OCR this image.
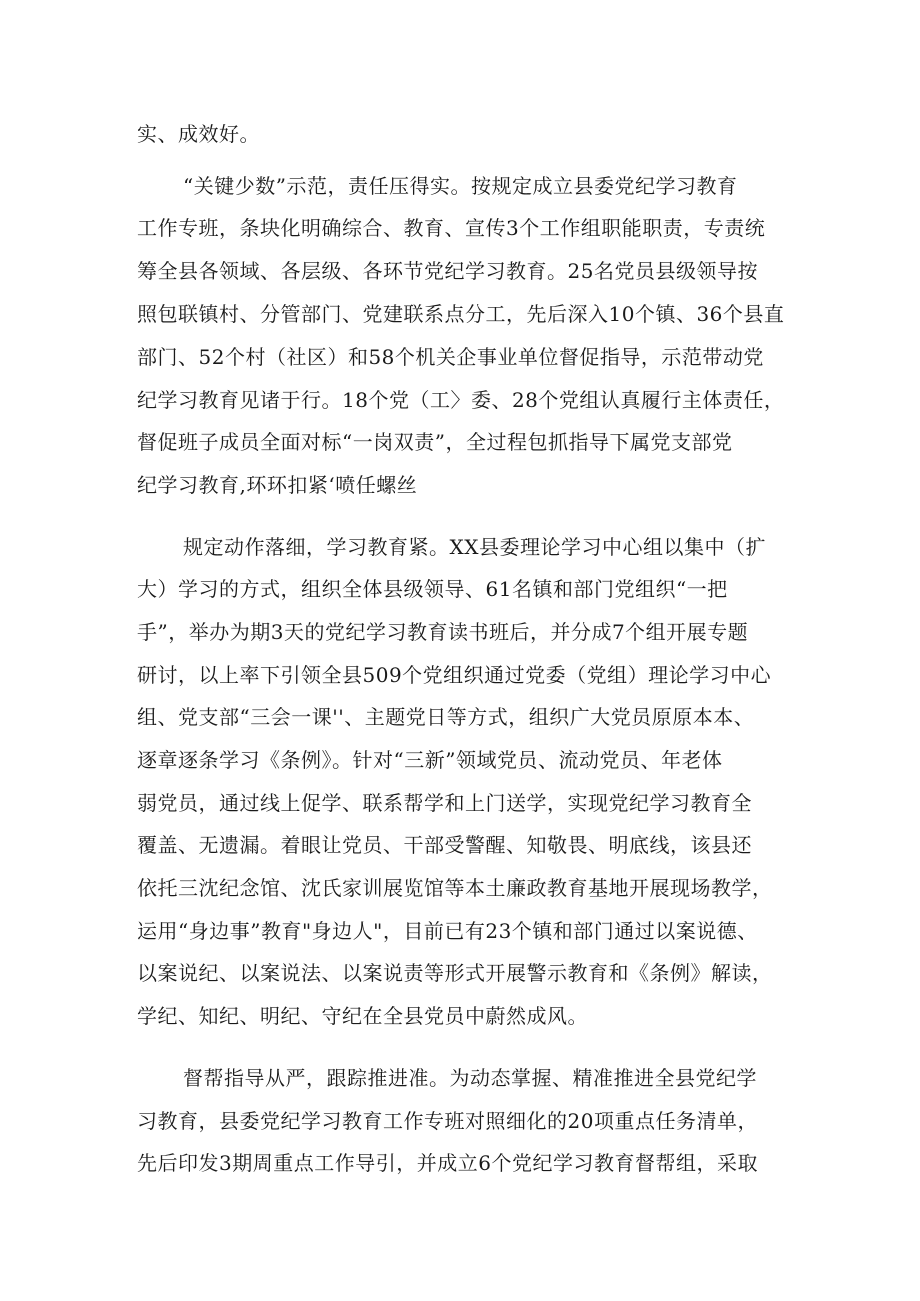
实、成效好。
“关键少数”示范，责任压得实。按规定成立县委党纪学习教育
工作专班，条块化明确综合、教育、宣传3个工作组职能职责，专责统
筹全县各领域、各层级、各环节党纪学习教育。25名党员县级领导按
照包联镇村、分管部门、党建联系点分工，先后深入10个镇、36个县直
部门、52个村（社区）和58个机关企事业单位督促指导，示范带动党
纪学习教育见诸于行。18个党（工〉委、28个党组认真履行主体责任，
督促班子成员全面对标“一岗双责”，全过程包抓指导下属党支部党
纪学习教育,环环扣紧‘喷任螺丝
规定动作落细，学习教育紧。XX县委理论学习中心组以集中（扩
大）学习的方式，组织全体县级领导、61名镇和部门党组织“一把
手”，举办为期3天的党纪学习教育读书班后，并分成7个组开展专题
研讨，以上率下引领全县509个党组织通过党委（党组）理论学习中心
组、党支部“三会一课''、主题党日等方式，组织广大党员原原本本、
逐章逐条学习《条例》。针对“三新”领域党员、流动党员、年老体
弱党员，通过线上促学、联系帮学和上门送学，实现党纪学习教育全
覆盖、无遗漏。着眼让党员、干部受警醒、知敬畏、明底线，该县还
依托三沈纪念馆、沈氏家训展览馆等本土廉政教育基地开展现场教学，
运用“身边事”教育"身边人"，目前已有23个镇和部门通过以案说德、
以案说纪、以案说法、以案说责等形式开展警示教育和《条例》解读，
学纪、知纪、明纪、守纪在全县党员中蔚然成风。
督帮指导从严，跟踪推进准。为动态掌握、精准推进全县党纪学
习教育，县委党纪学习教育工作专班对照细化的20项重点任务清单，
先后印发3期周重点工作导引，并成立6个党纪学习教育督帮组，采取
